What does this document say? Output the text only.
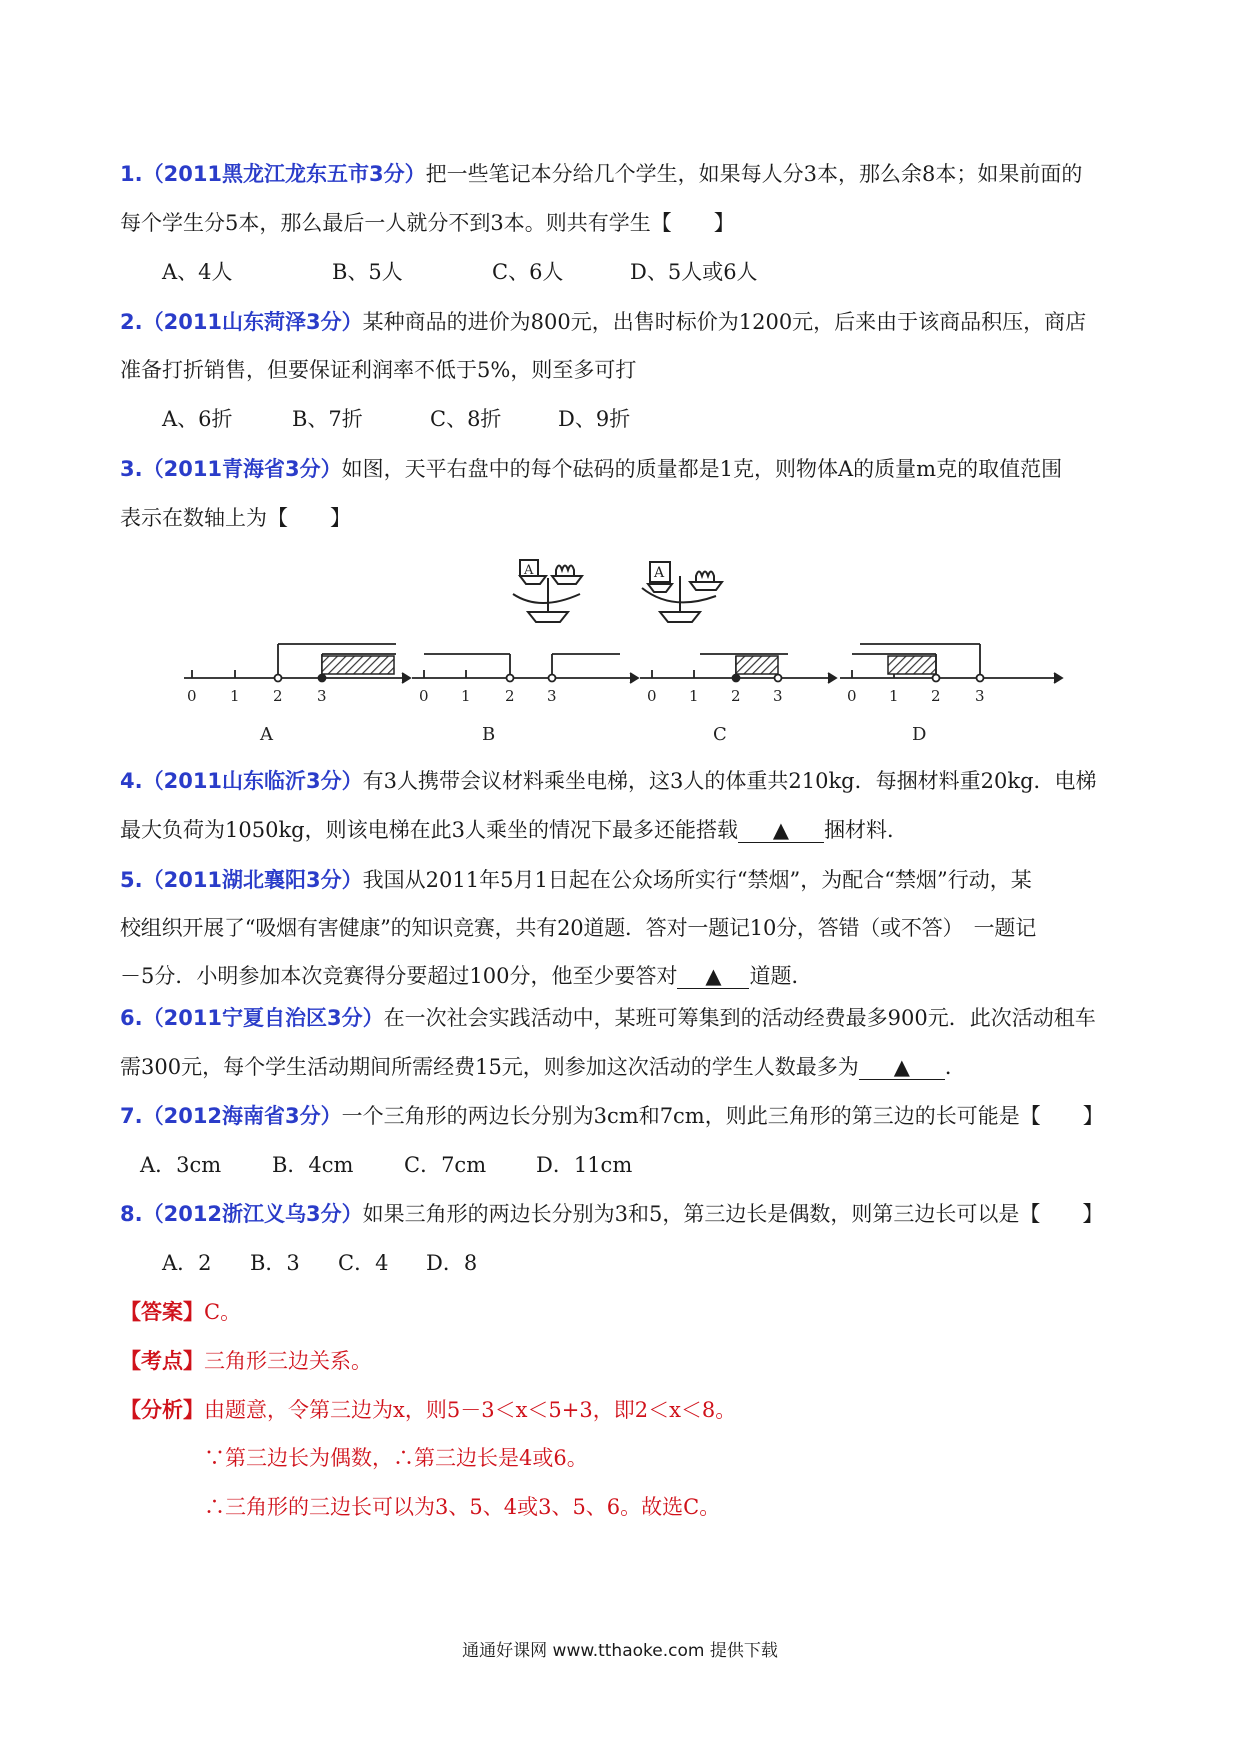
1.（2011黑龙江龙东五市3分）把一些笔记本分给几个学生，如果每人分3本，那么余8本；如果前面的
每个学生分5本，那么最后一人就分不到3本。则共有学生【　　】
A、4人	B、5人	C、6人	D、5人或6人
2.（2011山东菏泽3分）某种商品的进价为800元，出售时标价为1200元，后来由于该商品积压，商店
准备打折销售，但要保证利润率不低于5%，则至多可打
A、6折	B、7折	C、8折	D、9折
3.（2011青海省3分）如图，天平右盘中的每个砝码的质量都是1克，则物体A的质量m克的取值范围
表示在数轴上为【　　】
A	A
0 1 2 3
A
0 1 2 3
B
0 1 2 3
C
0 1 2 3
D
4.（2011山东临沂3分）有3人携带会议材料乘坐电梯，这3人的体重共210kg．每捆材料重20kg．电梯
最大负荷为1050kg，则该电梯在此3人乘坐的情况下最多还能搭载 ▲ 捆材料．
5.（2011湖北襄阳3分）我国从2011年5月1日起在公众场所实行“禁烟”，为配合“禁烟”行动，某
校组织开展了“吸烟有害健康”的知识竞赛，共有20道题．答对一题记10分，答错（或不答）　一题记
－5分．小明参加本次竞赛得分要超过100分，他至少要答对 ▲ 道题．
6.（2011宁夏自治区3分）在一次社会实践活动中，某班可筹集到的活动经费最多900元．此次活动租车
需300元，每个学生活动期间所需经费15元，则参加这次活动的学生人数最多为 ▲ ．
7.（2012海南省3分）一个三角形的两边长分别为3cm和7cm，则此三角形的第三边的长可能是【　　】
A．3cm B．4cm C．7cm D．11cm
8.（2012浙江义乌3分）如果三角形的两边长分别为3和5，第三边长是偶数，则第三边长可以是【　　】
A．2 B．3 C．4 D．8
【答案】C。
【考点】三角形三边关系。
【分析】由题意，令第三边为x，则5－3＜x＜5+3，即2＜x＜8。
∵第三边长为偶数，∴第三边长是4或6。
∴三角形的三边长可以为3、5、4或3、5、6。故选C。
通通好课网 www.tthaoke.com 提供下载
